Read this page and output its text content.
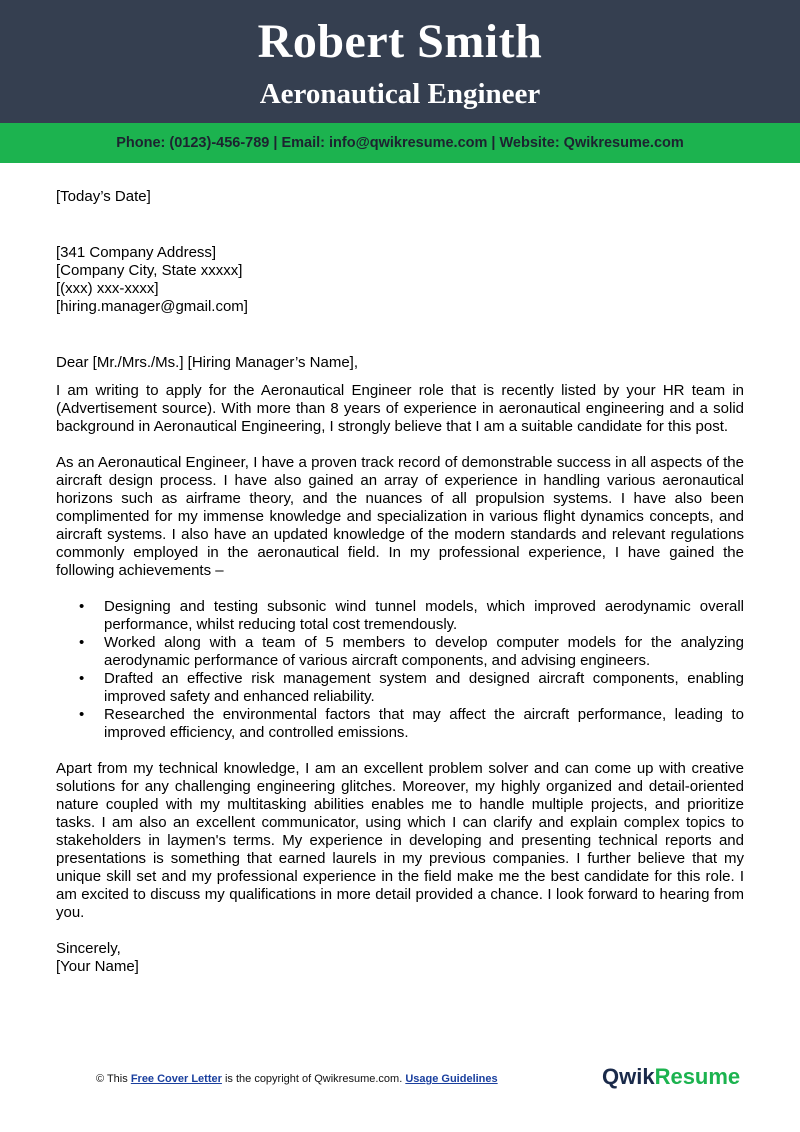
Robert Smith
Aeronautical Engineer
Phone: (0123)-456-789 | Email: info@qwikresume.com | Website: Qwikresume.com

[Today’s Date]

[341 Company Address]

[Company City, State xxxxx]

[(xxx) xxx-xxxx]

[hiring.manager@gmail.com]

Dear [Mr./Mrs./Ms.] [Hiring Manager’s Name],

I am writing to apply for the Aeronautical Engineer role that is recently listed by your HR team in (Advertisement source). With more than 8 years of experience in aeronautical engineering and a solid background in Aeronautical Engineering, I strongly believe that I am a suitable candidate for this post.

As an Aeronautical Engineer, I have a proven track record of demonstrable success in all aspects of the aircraft design process. I have also gained an array of experience in handling various aeronautical horizons such as airframe theory, and the nuances of all propulsion systems. I have also been complimented for my immense knowledge and specialization in various flight dynamics concepts, and aircraft systems. I also have an updated knowledge of the modern standards and relevant regulations commonly employed in the aeronautical field. In my professional experience, I have gained the following achievements –

• Designing and testing subsonic wind tunnel models, which improved aerodynamic overall performance, whilst reducing total cost tremendously.
• Worked along with a team of 5 members to develop computer models for the analyzing aerodynamic performance of various aircraft components, and advising engineers.
• Drafted an effective risk management system and designed aircraft components, enabling improved safety and enhanced reliability.
• Researched the environmental factors that may affect the aircraft performance, leading to improved efficiency, and controlled emissions.

Apart from my technical knowledge, I am an excellent problem solver and can come up with creative solutions for any challenging engineering glitches. Moreover, my highly organized and detail-oriented nature coupled with my multitasking abilities enables me to handle multiple projects, and prioritize tasks. I am also an excellent communicator, using which I can clarify and explain complex topics to stakeholders in laymen's terms. My experience in developing and presenting technical reports and presentations is something that earned laurels in my previous companies. I further believe that my unique skill set and my professional experience in the field make me the best candidate for this role. I am excited to discuss my qualifications in more detail provided a chance. I look forward to hearing from you.

Sincerely,

[Your Name]

© This Free Cover Letter is the copyright of Qwikresume.com. Usage Guidelines	QwikResume
